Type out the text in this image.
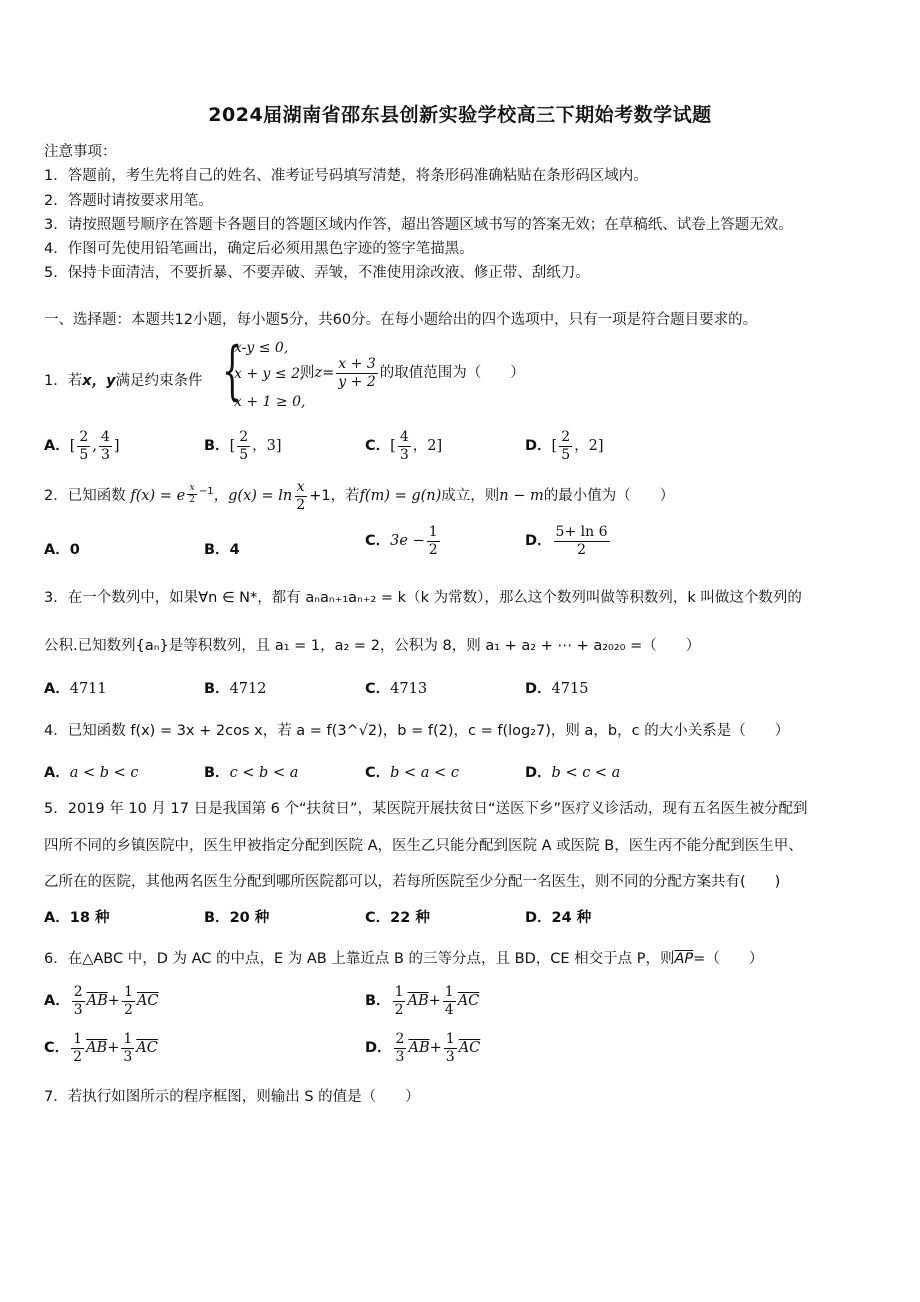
2024届湖南省邵东县创新实验学校高三下期始考数学试题
注意事项：
1．答题前，考生先将自己的姓名、准考证号码填写清楚，将条形码准确粘贴在条形码区域内。
2．答题时请按要求用笔。
3．请按照题号顺序在答题卡各题目的答题区域内作答，超出答题区域书写的答案无效；在草稿纸、试卷上答题无效。
4．作图可先使用铅笔画出，确定后必须用黑色字迹的签字笔描黑。
5．保持卡面清洁，不要折暴、不要弄破、弄皱，不准使用涂改液、修正带、刮纸刀。
一、选择题：本题共12小题，每小题5分，共60分。在每小题给出的四个选项中，只有一项是符合题目要求的。
1．若x，y满足约束条件 {
x-y ≤ 0,
x + y ≤ 2,
x + 1 ≥ 0,
则$z= \frac{x + 3}{y + 2}$ 的取值范围为（　　）
A．[ $\frac{2}{5}$ , $\frac{4}{3}$ ]	B．[ $\frac{2}{5}$ ，3]	C．[ $\frac{4}{3}$ ，2]	D．[ $\frac{2}{5}$ ，2]
2．已知函数 f(x) = e $^{\frac{x}{2} -1}$，$g(x) = \ln \frac{x}{2} +1$，若f(m) = g(n)成立，则n − m的最小值为（　　）
A．0	B．4
C．$3e - \frac{1}{2}$	D． $\frac{5+ \ln 6}{2}$
3．在一个数列中，如果∀n ∈ N*，都有 aₙaₙ₊₁aₙ₊₂ = k（k 为常数），那么这个数列叫做等积数列，k 叫做这个数列的
公积.已知数列{aₙ}是等积数列，且 a₁ = 1，a₂ = 2，公积为 8，则 a₁ + a₂ + ⋯ + a₂₀₂₀ =（　　）
A．4711	B．4712	C．4713	D．4715
4．已知函数 f(x) = 3x + 2cos x，若 a = f(3^√2)，b = f(2)，c = f(log₂7)，则 a，b，c 的大小关系是（　　）
A．a < b < c	B．c < b < a	C．b < a < c	D．b < c < a
5．2019 年 10 月 17 日是我国第 6 个“扶贫日”，某医院开展扶贫日“送医下乡”医疗义诊活动，现有五名医生被分配到
四所不同的乡镇医院中，医生甲被指定分配到医院 A，医生乙只能分配到医院 A 或医院 B，医生丙不能分配到医生甲、
乙所在的医院，其他两名医生分配到哪所医院都可以，若每所医院至少分配一名医生，则不同的分配方案共有(　　)
A．18 种	B．20 种	C．22 种	D．24 种
6．在△ABC 中，D 为 AC 的中点，E 为 AB 上靠近点 B 的三等分点，且 BD，CE 相交于点 P，则$\overline{AP}=$（　　）
A． $\frac{2}{3} \overline{AB}+ \frac{1}{2} \overline{AC}$	B． $\frac{1}{2} \overline{AB}+ \frac{1}{4} \overline{AC}$
C． $\frac{1}{2} \overline{AB}+ \frac{1}{3} \overline{AC}$	D． $\frac{2}{3} \overline{AB}+ \frac{1}{3} \overline{AC}$
7．若执行如图所示的程序框图，则输出 S 的值是（　　）
